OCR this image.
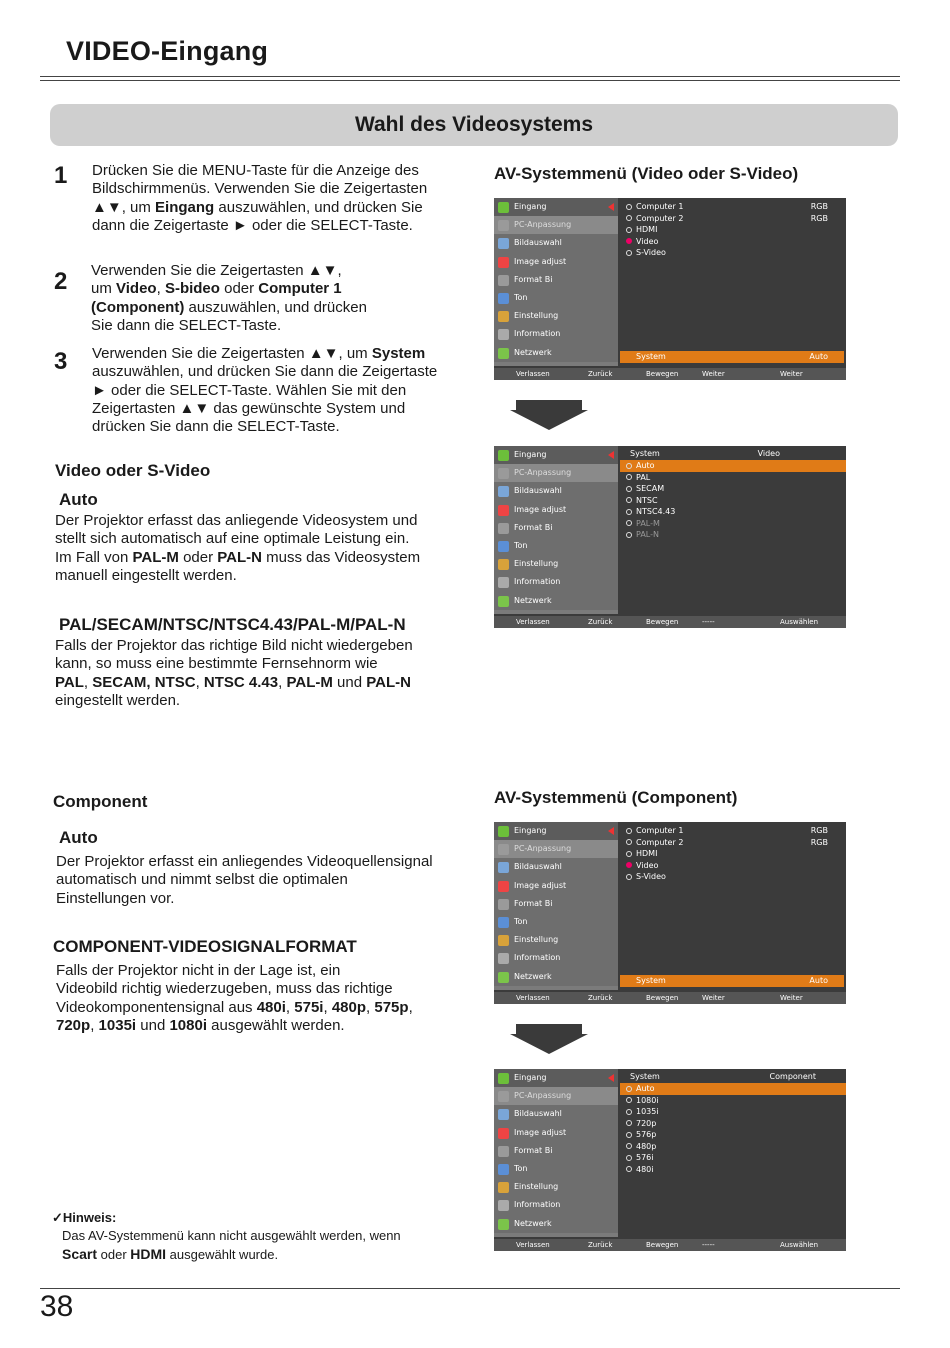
VIDEO-Eingang
Wahl des Videosystems
1 Drücken Sie die MENU-Taste für die Anzeige des
Bildschirmmenüs. Verwenden Sie die Zeigertasten
▲▼, um Eingang auszuwählen, und drücken Sie
dann die Zeigertaste ► oder die SELECT-Taste.
2 Verwenden Sie die Zeigertasten ▲▼,
um Video, S-bideo oder Computer 1
(Component) auszuwählen, und drücken
Sie dann die SELECT-Taste.
3 Verwenden Sie die Zeigertasten ▲▼, um System
auszuwählen, und drücken Sie dann die Zeigertaste
► oder die SELECT-Taste. Wählen Sie mit den
Zeigertasten ▲▼ das gewünschte System und
drücken Sie dann die SELECT-Taste.
Video oder S-Video
Auto
Der Projektor erfasst das anliegende Videosystem und
stellt sich automatisch auf eine optimale Leistung ein.
Im Fall von PAL-M oder PAL-N muss das Videosystem
manuell eingestellt werden.
PAL/SECAM/NTSC/NTSC4.43/PAL-M/PAL-N
Falls der Projektor das richtige Bild nicht wiedergeben
kann, so muss eine bestimmte Fernsehnorm wie
PAL, SECAM, NTSC, NTSC 4.43, PAL-M und PAL-N
eingestellt werden.
Component
Auto
Der Projektor erfasst ein anliegendes Videoquellensignal
automatisch und nimmt selbst die optimalen
Einstellungen vor.
COMPONENT-VIDEOSIGNALFORMAT
Falls der Projektor nicht in der Lage ist, ein
Videobild richtig wiederzugeben, muss das richtige
Videokomponentensignal aus 480i, 575i, 480p, 575p,
720p, 1035i und 1080i ausgewählt werden.
✓Hinweis:
Das AV-Systemmenü kann nicht ausgewählt werden, wenn
Scart oder HDMI ausgewählt wurde.
AV-Systemmenü (Video oder S-Video)
AV-Systemmenü (Component)
Eingang
PC-Anpassung
Bildauswahl
Image adjust
Format Bi
Ton
Einstellung
Information
Netzwerk
Computer 1	RGB
Computer 2	RGB
HDMI
Video
S-Video
System	Auto
Verlassen	Zurück	Bewegen	Weiter	Weiter
Eingang
PC-Anpassung
Bildauswahl
Image adjust
Format Bi
Ton
Einstellung
Information
Netzwerk
System	Video
Auto
PAL
SECAM
NTSC
NTSC4.43
PAL-M
PAL-N
Verlassen	Zurück	Bewegen	-----	Auswählen
Eingang
PC-Anpassung
Bildauswahl
Image adjust
Format Bi
Ton
Einstellung
Information
Netzwerk
Computer 1	RGB
Computer 2	RGB
HDMI
Video
S-Video
System	Auto
Verlassen	Zurück	Bewegen	Weiter	Weiter
Eingang
PC-Anpassung
Bildauswahl
Image adjust
Format Bi
Ton
Einstellung
Information
Netzwerk
System	Component
Auto
1080i
1035i
720p
576p
480p
576i
480i
Verlassen	Zurück	Bewegen	-----	Auswählen
38
